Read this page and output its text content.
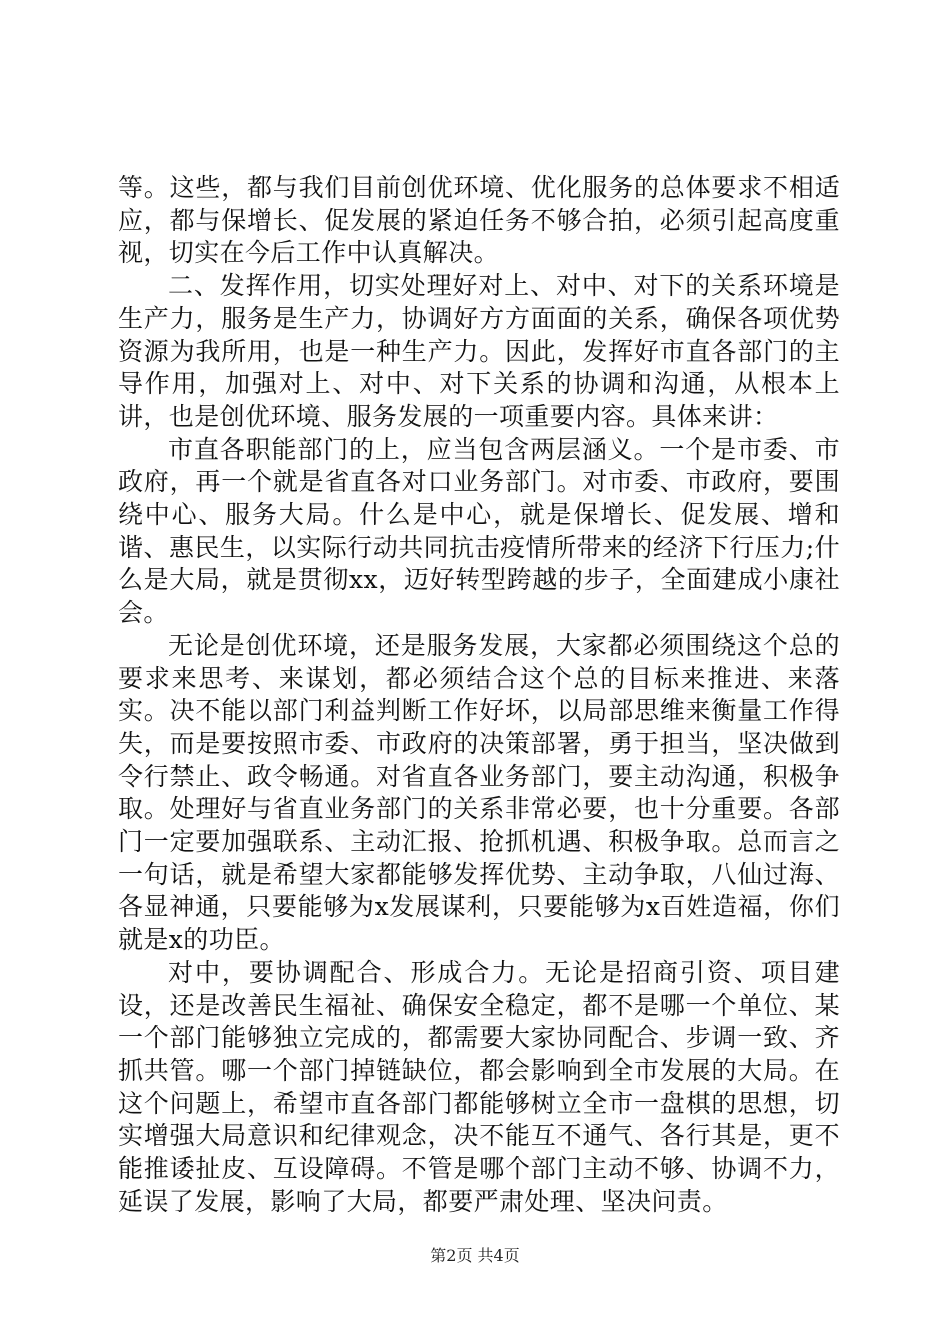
等。这些，都与我们目前创优环境、优化服务的总体要求不相适应，都与保增长、促发展的紧迫任务不够合拍，必须引起高度重视，切实在今后工作中认真解决。

二、发挥作用，切实处理好对上、对中、对下的关系环境是生产力，服务是生产力，协调好方方面面的关系，确保各项优势资源为我所用，也是一种生产力。因此，发挥好市直各部门的主导作用，加强对上、对中、对下关系的协调和沟通，从根本上讲，也是创优环境、服务发展的一项重要内容。具体来讲：

市直各职能部门的上，应当包含两层涵义。一个是市委、市政府，再一个就是省直各对口业务部门。对市委、市政府，要围绕中心、服务大局。什么是中心，就是保增长、促发展、增和谐、惠民生，以实际行动共同抗击疫情所带来的经济下行压力;什么是大局，就是贯彻xx，迈好转型跨越的步子，全面建成小康社会。

无论是创优环境，还是服务发展，大家都必须围绕这个总的要求来思考、来谋划，都必须结合这个总的目标来推进、来落实。决不能以部门利益判断工作好坏，以局部思维来衡量工作得失，而是要按照市委、市政府的决策部署，勇于担当，坚决做到令行禁止、政令畅通。对省直各业务部门，要主动沟通，积极争取。处理好与省直业务部门的关系非常必要，也十分重要。各部门一定要加强联系、主动汇报、抢抓机遇、积极争取。总而言之一句话，就是希望大家都能够发挥优势、主动争取，八仙过海、各显神通，只要能够为x发展谋利，只要能够为x百姓造福，你们就是x的功臣。

对中，要协调配合、形成合力。无论是招商引资、项目建设，还是改善民生福祉、确保安全稳定，都不是哪一个单位、某一个部门能够独立完成的，都需要大家协同配合、步调一致、齐抓共管。哪一个部门掉链缺位，都会影响到全市发展的大局。在这个问题上，希望市直各部门都能够树立全市一盘棋的思想，切实增强大局意识和纪律观念，决不能互不通气、各行其是，更不能推诿扯皮、互设障碍。不管是哪个部门主动不够、协调不力，延误了发展，影响了大局，都要严肃处理、坚决问责。

第2页 共4页
